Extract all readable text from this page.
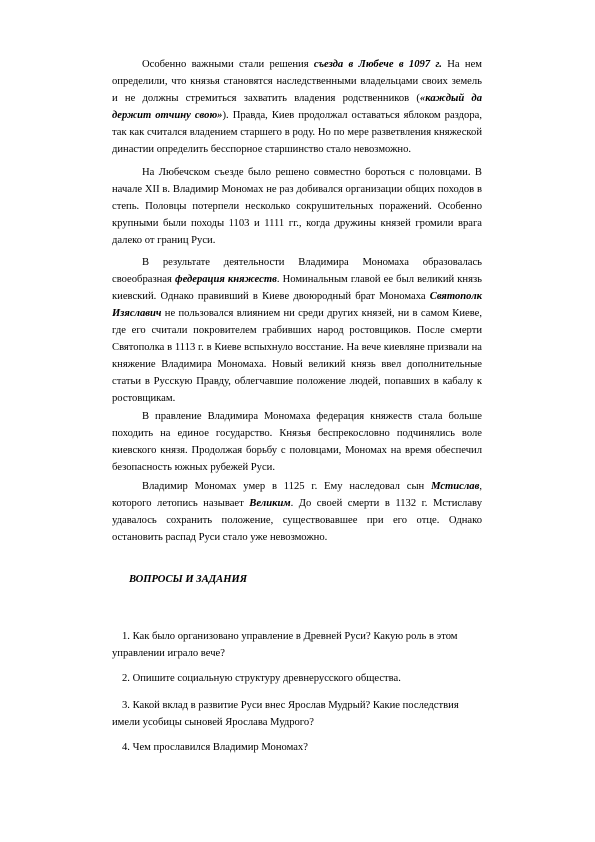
Особенно важными стали решения съезда в Любече в 1097 г. На нем определили, что князья становятся наследственными владельцами своих земель и не должны стремиться захватить владения родственников («каждый да держит отчину свою»). Правда, Киев продолжал оставаться яблоком раздора, так как считался владением старшего в роду. Но по мере разветвления княжеской династии определить бесспорное старшинство стало невозможно.

На Любечском съезде было решено совместно бороться с половцами. В начале XII в. Владимир Мономах не раз добивался организации общих походов в степь. Половцы потерпели несколько сокрушительных поражений. Особенно крупными были походы 1103 и 1111 гг., когда дружины князей громили врага далеко от границ Руси.

В результате деятельности Владимира Мономаха образовалась своеобразная федерация княжеств. Номинальным главой ее был великий князь киевский. Однако правивший в Киеве двоюродный брат Мономаха Святополк Изяславич не пользовался влиянием ни среди других князей, ни в самом Киеве, где его считали покровителем грабивших народ ростовщиков. После смерти Святополка в 1113 г. в Киеве вспыхнуло восстание. На вече киевляне призвали на княжение Владимира Мономаха. Новый великий князь ввел дополнительные статьи в Русскую Правду, облегчавшие положение людей, попавших в кабалу к ростовщикам.

В правление Владимира Мономаха федерация княжеств стала больше походить на единое государство. Князья беспрекословно подчинялись воле киевского князя. Продолжая борьбу с половцами, Мономах на время обеспечил безопасность южных рубежей Руси.

Владимир Мономах умер в 1125 г. Ему наследовал сын Мстислав, которого летопись называет Великим. До своей смерти в 1132 г. Мстиславу удавалось сохранить положение, существовавшее при его отце. Однако остановить распад Руси стало уже невозможно.

ВОПРОСЫ И ЗАДАНИЯ

1. Как было организовано управление в Древней Руси? Какую роль в этом управлении играло вече?

2. Опишите социальную структуру древнерусского общества.

3. Какой вклад в развитие Руси внес Ярослав Мудрый? Какие последствия имели усобицы сыновей Ярослава Мудрого?

4. Чем прославился Владимир Мономах?
